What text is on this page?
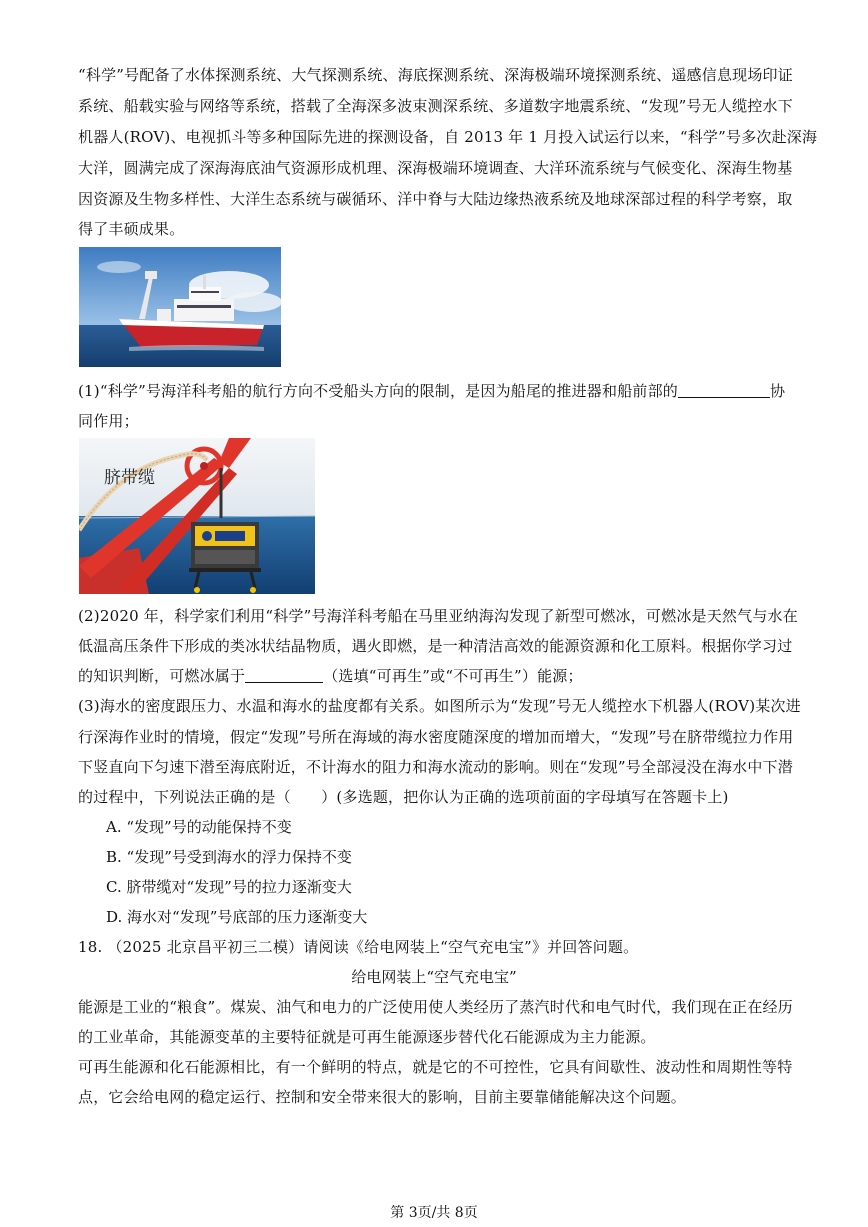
“科学”号配备了水体探测系统、大气探测系统、海底探测系统、深海极端环境探测系统、遥感信息现场印证
系统、船载实验与网络等系统，搭载了全海深多波束测深系统、多道数字地震系统、“发现”号无人缆控水下
机器人(ROV)、电视抓斗等多种国际先进的探测设备，自 2013 年 1 月投入试运行以来，“科学”号多次赴深海
大洋，圆满完成了深海海底油气资源形成机理、深海极端环境调查、大洋环流系统与气候变化、深海生物基
因资源及生物多样性、大洋生态系统与碳循环、洋中脊与大陆边缘热液系统及地球深部过程的科学考察，取
得了丰硕成果。
(1)“科学”号海洋科考船的航行方向不受船头方向的限制，是因为船尾的推进器和船前部的	协
同作用；
脐带缆
(2)2020 年，科学家们利用“科学”号海洋科考船在马里亚纳海沟发现了新型可燃冰，可燃冰是天然气与水在
低温高压条件下形成的类冰状结晶物质，遇火即燃，是一种清洁高效的能源资源和化工原料。根据你学习过
的知识判断，可燃冰属于	（选填“可再生”或“不可再生”）能源；
(3)海水的密度跟压力、水温和海水的盐度都有关系。如图所示为“发现”号无人缆控水下机器人(ROV)某次进
行深海作业时的情境，假定“发现”号所在海域的海水密度随深度的增加而增大，“发现”号在脐带缆拉力作用
下竖直向下匀速下潜至海底附近，不计海水的阻力和海水流动的影响。则在“发现”号全部浸没在海水中下潜
的过程中，下列说法正确的是（　　）(多选题，把你认为正确的选项前面的字母填写在答题卡上)
A. “发现”号的动能保持不变
B. “发现”号受到海水的浮力保持不变
C. 脐带缆对“发现”号的拉力逐渐变大
D. 海水对“发现”号底部的压力逐渐变大
18. （2025 北京昌平初三二模）请阅读《给电网装上“空气充电宝”》并回答问题。
给电网装上“空气充电宝”
能源是工业的“粮食”。煤炭、油气和电力的广泛使用使人类经历了蒸汽时代和电气时代，我们现在正在经历
的工业革命，其能源变革的主要特征就是可再生能源逐步替代化石能源成为主力能源。
可再生能源和化石能源相比，有一个鲜明的特点，就是它的不可控性，它具有间歇性、波动性和周期性等特
点，它会给电网的稳定运行、控制和安全带来很大的影响，目前主要靠储能解决这个问题。
第 3页/共 8页
